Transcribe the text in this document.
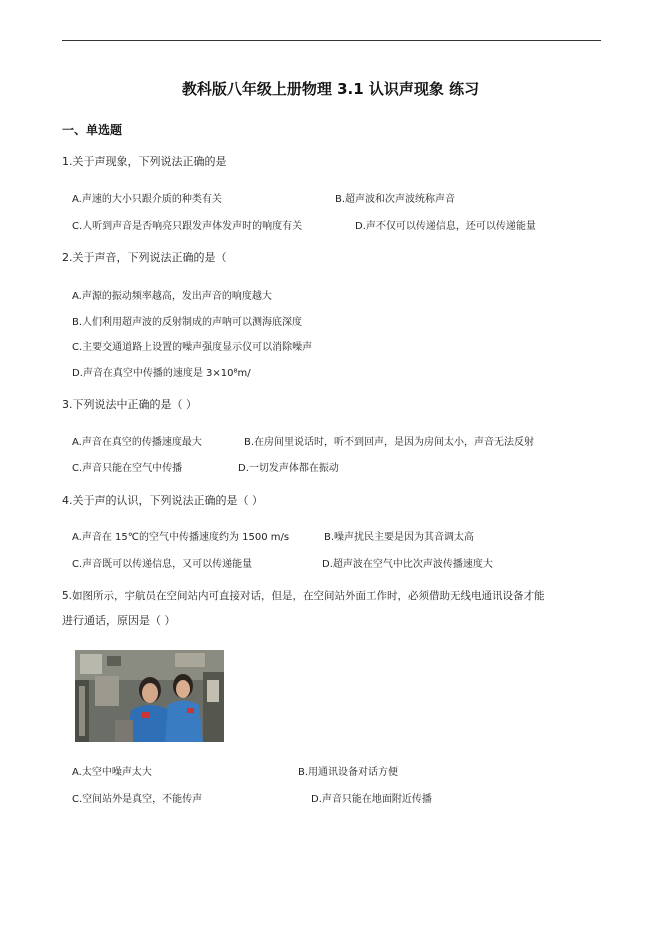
教科版八年级上册物理 3.1 认识声现象 练习
一、单选题
1.关于声现象，下列说法正确的是
A.声速的大小只跟介质的种类有关	B.超声波和次声波统称声音
C.人听到声音是否响亮只跟发声体发声时的响度有关	D.声不仅可以传递信息，还可以传递能量
2.关于声音，下列说法正确的是（
A.声源的振动频率越高，发出声音的响度越大
B.人们利用超声波的反射制成的声呐可以测海底深度
C.主要交通道路上设置的噪声强度显示仪可以消除噪声
D.声音在真空中传播的速度是 3×10⁸m/
3.下列说法中正确的是（ ）
A.声音在真空的传播速度最大	B.在房间里说话时，听不到回声，是因为房间太小，声音无法反射
C.声音只能在空气中传播	D.一切发声体都在振动
4.关于声的认识，下列说法正确的是（ ）
A.声音在 15℃的空气中传播速度约为 1500 m/s	B.噪声扰民主要是因为其音调太高
C.声音既可以传递信息，又可以传递能量	D.超声波在空气中比次声波传播速度大
5.如图所示，宇航员在空间站内可直接对话，但是，在空间站外面工作时，必须借助无线电通讯设备才能
进行通话，原因是（ ）
A.太空中噪声太大	B.用通讯设备对话方便
C.空间站外是真空，不能传声	D.声音只能在地面附近传播
